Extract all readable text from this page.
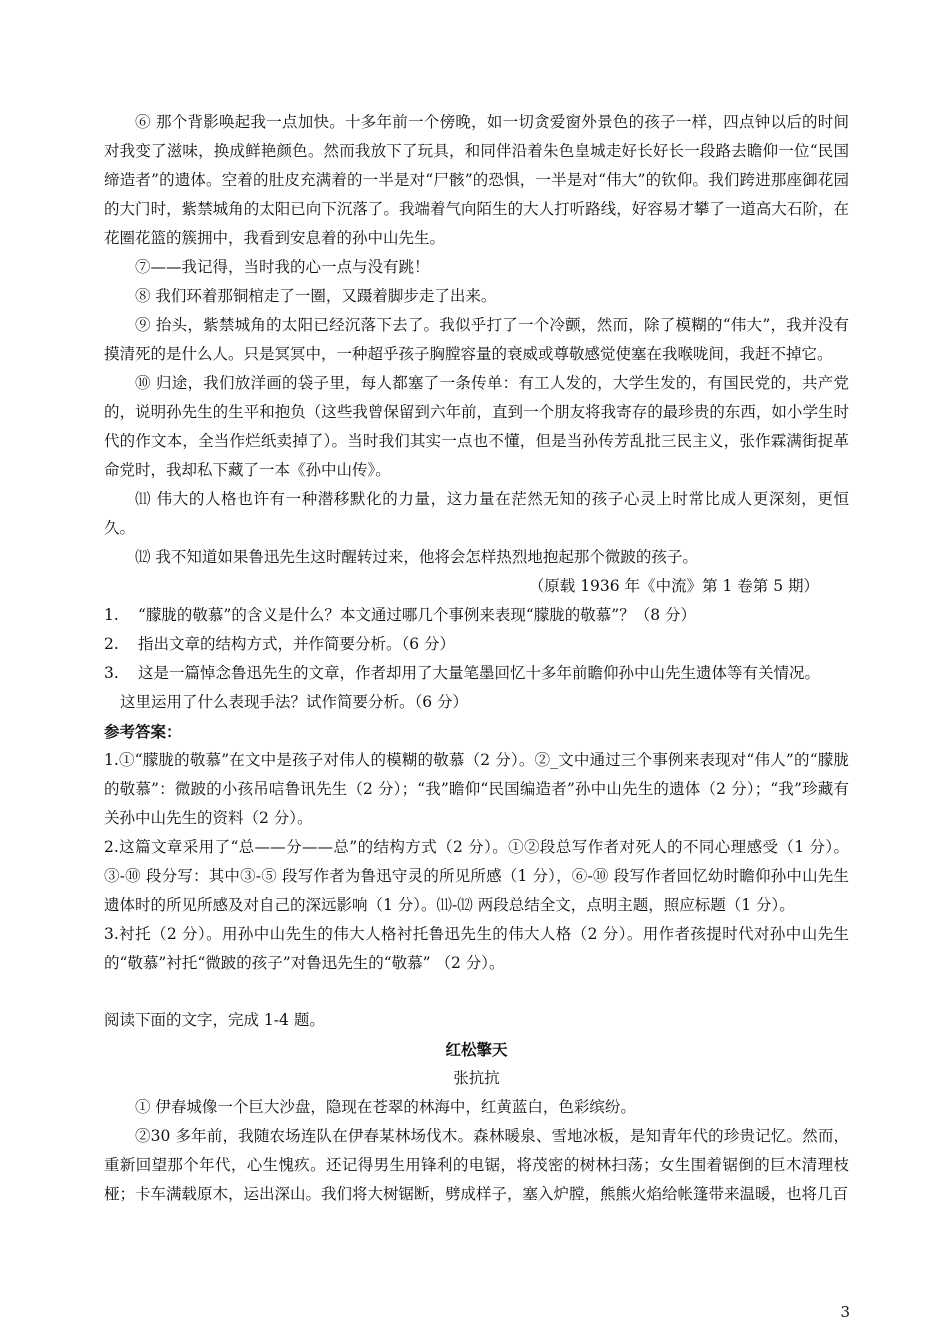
⑥ 那个背影唤起我一点加快。十多年前一个傍晚，如一切贪爱窗外景色的孩子一样，四点钟以后的时间对我变了滋味，换成鲜艳颜色。然而我放下了玩具，和同伴沿着朱色皇城走好长好长一段路去瞻仰一位“民国缔造者”的遗体。空着的肚皮充满着的一半是对“尸骸”的恐惧，一半是对“伟大”的钦仰。我们跨进那座御花园的大门时，紫禁城角的太阳已向下沉落了。我端着气向陌生的大人打听路线，好容易才攀了一道高大石阶，在花圈花篮的簇拥中，我看到安息着的孙中山先生。

⑦——我记得，当时我的心一点与没有跳！

⑧ 我们环着那铜棺走了一圈，又蹑着脚步走了出来。

⑨ 抬头，紫禁城角的太阳已经沉落下去了。我似乎打了一个冷颤，然而，除了模糊的“伟大”，我并没有摸清死的是什么人。只是冥冥中，一种超乎孩子胸膛容量的衰威或尊敬感觉使塞在我喉咙间，我赶不掉它。

⑩ 归途，我们放洋画的袋子里，每人都塞了一条传单：有工人发的，大学生发的，有国民党的，共产党的，说明孙先生的生平和抱负（这些我曾保留到六年前，直到一个朋友将我寄存的最珍贵的东西，如小学生时代的作文本，全当作烂纸卖掉了）。当时我们其实一点也不懂，但是当孙传芳乱批三民主义，张作霖满街捉革命党时，我却私下藏了一本《孙中山传》。

⑾ 伟大的人格也许有一种潜移默化的力量，这力量在茫然无知的孩子心灵上时常比成人更深刻，更恒久。

⑿ 我不知道如果鲁迅先生这时醒转过来，他将会怎样热烈地抱起那个微跛的孩子。

（原载 1936 年《中流》第 1 卷第 5 期）

1.	“朦胧的敬慕”的含义是什么？本文通过哪几个事例来表现“朦胧的敬慕”？（8 分）
2.	指出文章的结构方式，并作简要分析。（6 分）
3.	这是一篇悼念鲁迅先生的文章，作者却用了大量笔墨回忆十多年前瞻仰孙中山先生遗体等有关情况。

这里运用了什么表现手法？试作简要分析。（6 分）

参考答案：

1.①“朦胧的敬慕”在文中是孩子对伟人的模糊的敬慕（2 分）。②_文中通过三个事例来表现对“伟人”的“朦胧的敬慕”：微跛的小孩吊唁鲁讯先生（2 分）；“我”瞻仰“民国编造者”孙中山先生的遗体（2 分）；“我”珍藏有关孙中山先生的资料（2 分）。

2.这篇文章采用了“总——分——总”的结构方式（2 分）。①②段总写作者对死人的不同心理感受（1 分）。③-⑩ 段分写：其中③-⑤ 段写作者为鲁迅守灵的所见所感（1 分），⑥-⑩ 段写作者回忆幼时瞻仰孙中山先生遗体时的所见所感及对自己的深远影响（1 分）。⑾-⑿ 两段总结全文，点明主题，照应标题（1 分）。

3.衬托（2 分）。用孙中山先生的伟大人格衬托鲁迅先生的伟大人格（2 分）。用作者孩提时代对孙中山先生的“敬慕”衬托“微跛的孩子”对鲁迅先生的“敬慕” （2 分）。

阅读下面的文字，完成 1-4 题。

红松擎天

张抗抗

① 伊春城像一个巨大沙盘，隐现在苍翠的林海中，红黄蓝白，色彩缤纷。

②30 多年前，我随农场连队在伊春某林场伐木。森林暖泉、雪地冰板，是知青年代的珍贵记忆。然而，重新回望那个年代，心生愧疚。还记得男生用锋利的电锯，将茂密的树林扫荡；女生围着锯倒的巨木清理枝桠；卡车满载原木，运出深山。我们将大树锯断，劈成样子，塞入炉膛，熊熊火焰给帐篷带来温暖，也将几百

3
